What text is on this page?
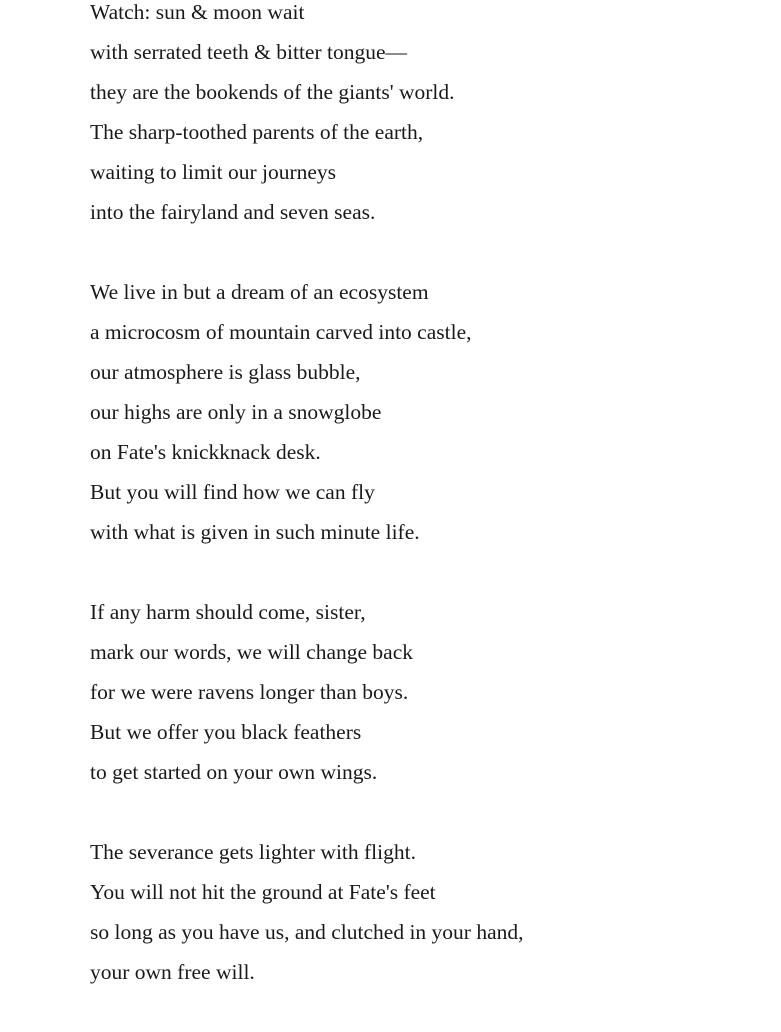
Watch: sun & moon wait
with serrated teeth & bitter tongue—
they are the bookends of the giants' world.
The sharp-toothed parents of the earth,
waiting to limit our journeys
into the fairyland and seven seas.
We live in but a dream of an ecosystem
a microcosm of mountain carved into castle,
our atmosphere is glass bubble,
our highs are only in a snowglobe
on Fate's knickknack desk.
But you will find how we can fly
with what is given in such minute life.
If any harm should come, sister,
mark our words, we will change back
for we were ravens longer than boys.
But we offer you black feathers
to get started on your own wings.
The severance gets lighter with flight.
You will not hit the ground at Fate's feet
so long as you have us, and clutched in your hand,
your own free will.
